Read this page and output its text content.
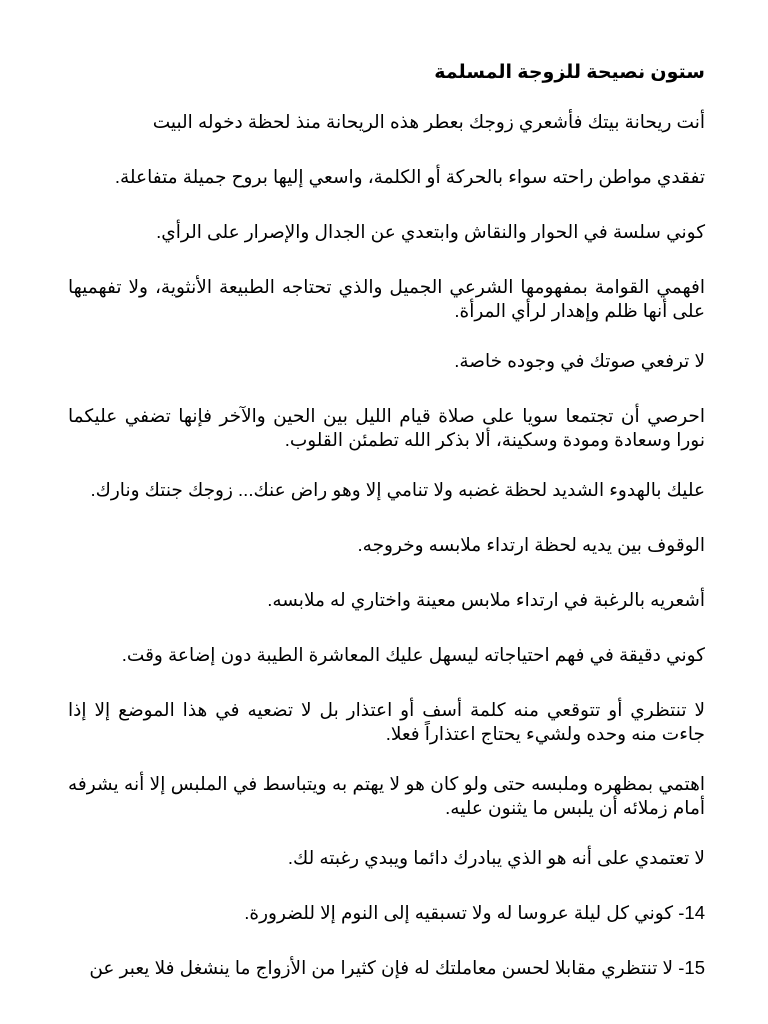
ستون نصيحة للزوجة المسلمة

أنت ريحانة بيتك فأشعري زوجك بعطر هذه الريحانة منذ لحظة دخوله البيت

تفقدي مواطن راحته سواء بالحركة أو الكلمة، واسعي إليها بروح جميلة متفاعلة.

كوني سلسة في الحوار والنقاش وابتعدي عن الجدال والإصرار على الرأي.

افهمي القوامة بمفهومها الشرعي الجميل والذي تحتاجه الطبيعة الأنثوية، ولا تفهميها على أنها ظلم وإهدار لرأي المرأة.

لا ترفعي صوتك في وجوده خاصة.

احرصي أن تجتمعا سويا على صلاة قيام الليل بين الحين والآخر فإنها تضفي عليكما نورا وسعادة ومودة وسكينة، ألا بذكر الله تطمئن القلوب.

عليك بالهدوء الشديد لحظة غضبه ولا تنامي إلا وهو راض عنك... زوجك جنتك ونارك.

الوقوف بين يديه لحظة ارتداء ملابسه وخروجه.

أشعريه بالرغبة في ارتداء ملابس معينة واختاري له ملابسه.

كوني دقيقة في فهم احتياجاته ليسهل عليك المعاشرة الطيبة دون إضاعة وقت.

لا تنتظري أو تتوقعي منه كلمة أسف أو اعتذار بل لا تضعيه في هذا الموضع إلا إذا جاءت منه وحده ولشيء يحتاج اعتذاراً فعلا.

اهتمي بمظهره وملبسه حتى ولو كان هو لا يهتم به ويتباسط في الملبس إلا أنه يشرفه أمام زملائه أن يلبس ما يثنون عليه.

لا تعتمدي على أنه هو الذي يبادرك دائما ويبدي رغبته لك.

14- كوني كل ليلة عروسا له ولا تسبقيه إلى النوم إلا للضرورة.

15- لا تنتظري مقابلا لحسن معاملتك له فإن كثيرا من الأزواج ما ينشغل فلا يعبر عن
